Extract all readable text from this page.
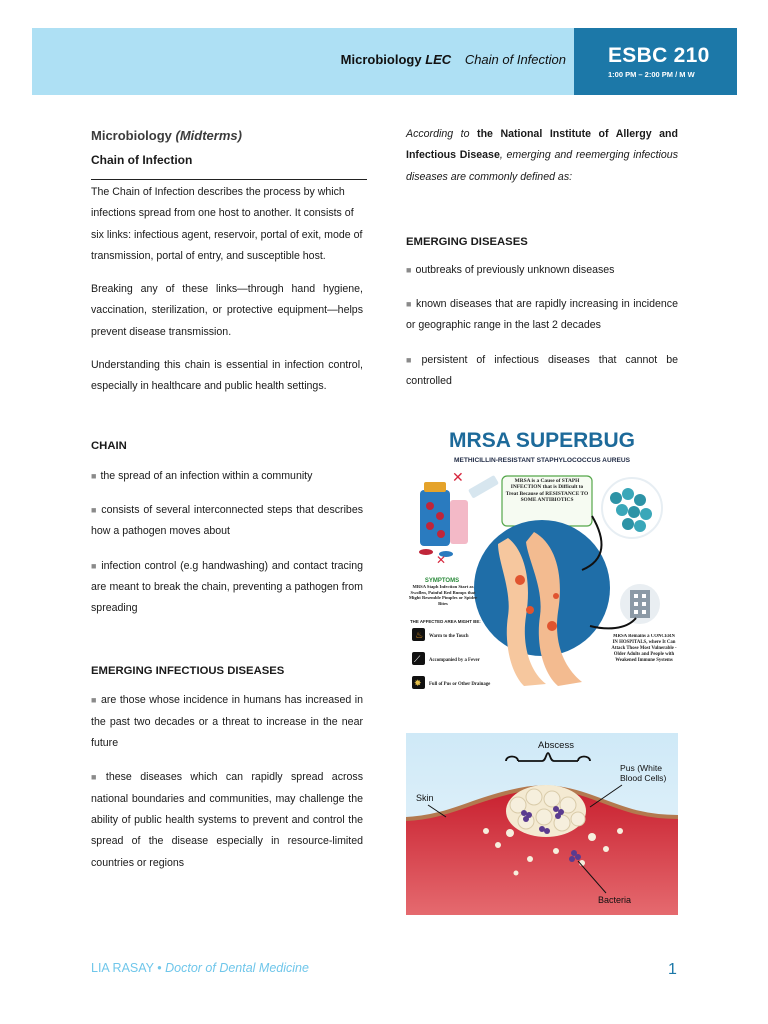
Microbiology LEC Chain of Infection ESBC 210
1:00 PM – 2:00 PM / M W
Microbiology (Midterms)
Chain of Infection

The Chain of Infection describes the process by which infections spread from one host to another. It consists of six links: infectious agent, reservoir, portal of exit, mode of transmission, portal of entry, and susceptible host.

Breaking any of these links—through hand hygiene, vaccination, sterilization, or protective equipment—helps prevent disease transmission.

Understanding this chain is essential in infection control, especially in healthcare and public health settings.

CHAIN

■ the spread of an infection within a community

■ consists of several interconnected steps that describes how a pathogen moves about

■ infection control (e.g handwashing) and contact tracing are meant to break the chain, preventing a pathogen from spreading

EMERGING INFECTIOUS DISEASES

■ are those whose incidence in humans has increased in the past two decades or a threat to increase in the near future

■ these diseases which can rapidly spread across national boundaries and communities, may challenge the ability of public health systems to prevent and control the spread of the disease especially in resource-limited countries or regions

According to the National Institute of Allergy and Infectious Disease, emerging and reemerging infectious diseases are commonly defined as:

EMERGING DISEASES

■ outbreaks of previously unknown diseases

■ known diseases that are rapidly increasing in incidence or geographic range in the last 2 decades

■ persistent of infectious diseases that cannot be controlled

MRSA SUPERBUG
METHICILLIN-RESISTANT STAPHYLOCOCCUS AUREUS
✕
✕
MRSA is a Cause of STAPH INFECTION that is Difficult to Treat Because of RESISTANCE TO SOME ANTIBIOTICS
SYMPTOMS
MRSA Staph Infection Start as Swollen, Painful Red Bumps that Might Resemble Pimples or Spider Bites
THE AFFECTED AREA MIGHT BE:
♨ Warm to the Touch
⟋ Accompanied by a Fever
✸ Full of Pus or Other Drainage
MRSA Remains a CONCERN IN HOSPITALS, where It Can Attack Those Most Vulnerable - Older Adults and People with Weakened Immune Systems
Abscess
Skin
Pus (White Blood Cells)
Bacteria
LIA RASAY • Doctor of Dental Medicine	1
